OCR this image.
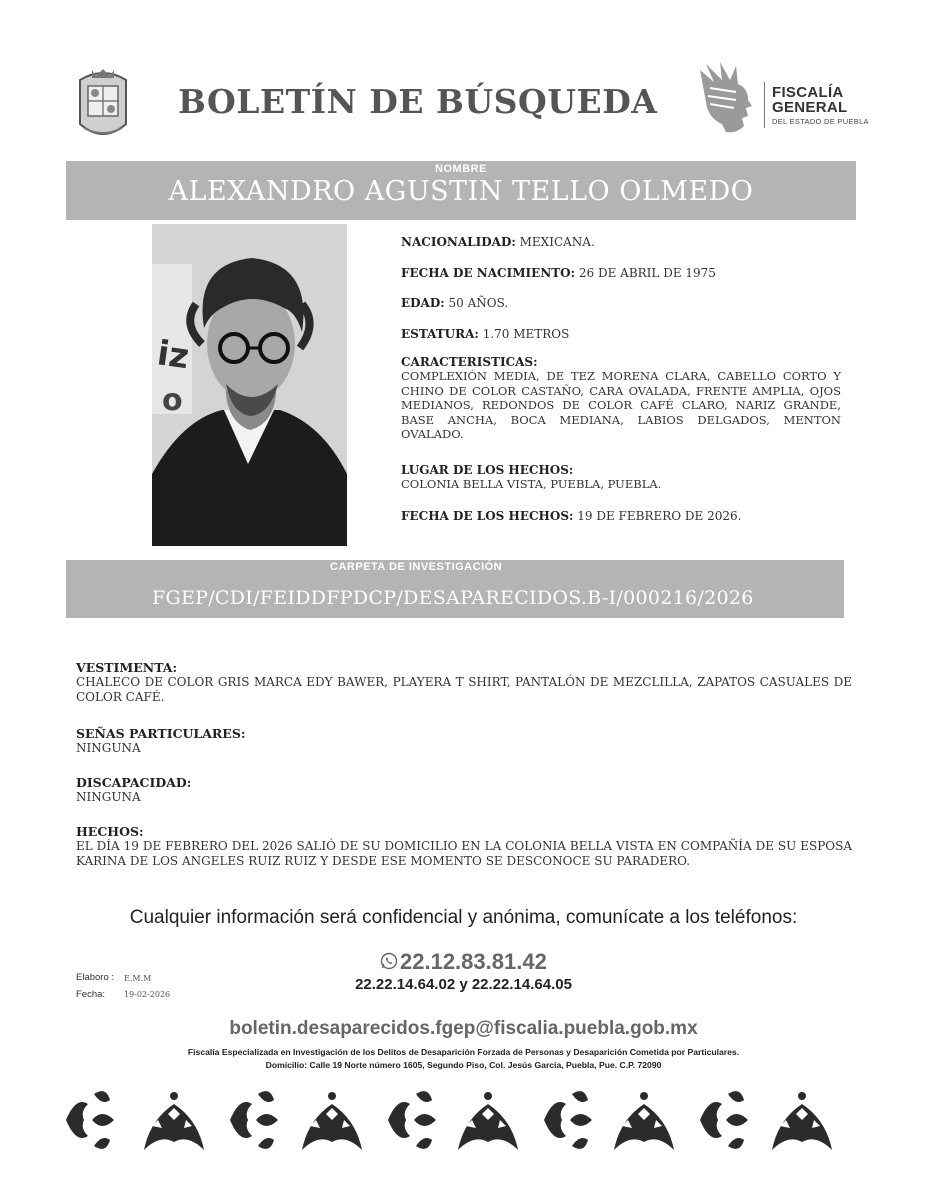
BOLETÍN DE BÚSQUEDA	FISCALÍA
GENERAL
DEL ESTADO DE PUEBLA
NOMBRE
ALEXANDRO AGUSTIN TELLO OLMEDO
iz
o
NACIONALIDAD: MEXICANA.
FECHA DE NACIMIENTO: 26 DE ABRIL DE 1975
EDAD: 50 AÑOS.
ESTATURA: 1.70 METROS
CARACTERISTICAS:
COMPLEXIÓN MEDIA, DE TEZ MORENA CLARA, CABELLO CORTO Y CHINO DE COLOR CASTAÑO, CARA OVALADA, FRENTE AMPLIA, OJOS MEDIANOS, REDONDOS DE COLOR CAFÉ CLARO, NARIZ GRANDE, BASE ANCHA, BOCA MEDIANA, LABIOS DELGADOS, MENTON OVALADO.
LUGAR DE LOS HECHOS:
COLONIA BELLA VISTA, PUEBLA, PUEBLA.
FECHA DE LOS HECHOS: 19 DE FEBRERO DE 2026.
CARPETA DE INVESTIGACIÓN
FGEP/CDI/FEIDDFPDCP/DESAPARECIDOS.B-I/000216/2026
VESTIMENTA:
CHALECO DE COLOR GRIS MARCA EDY BAWER, PLAYERA T SHIRT, PANTALÓN DE MEZCLILLA, ZAPATOS CASUALES DE COLOR CAFÉ.
SEÑAS PARTICULARES:
NINGUNA
DISCAPACIDAD:
NINGUNA
HECHOS:
EL DÍA 19 DE FEBRERO DEL 2026 SALIÓ DE SU DOMICILIO EN LA COLONIA BELLA VISTA EN COMPAÑÍA DE SU ESPOSA KARINA DE LOS ANGELES RUIZ RUIZ Y DESDE ESE MOMENTO SE DESCONOCE SU PARADERO.
Cualquier información será confidencial y anónima, comunícate a los teléfonos:
22.12.83.81.42
22.22.14.64.02 y 22.22.14.64.05
Elaboro : E.M.M
Fecha: 19-02-2026
boletin.desaparecidos.fgep@fiscalia.puebla.gob.mx
Fiscalía Especializada en Investigación de los Delitos de Desaparición Forzada de Personas y Desaparición Cometida por Particulares.
Domicilio: Calle 19 Norte número 1605, Segundo Piso, Col. Jesús García, Puebla, Pue. C.P. 72090
